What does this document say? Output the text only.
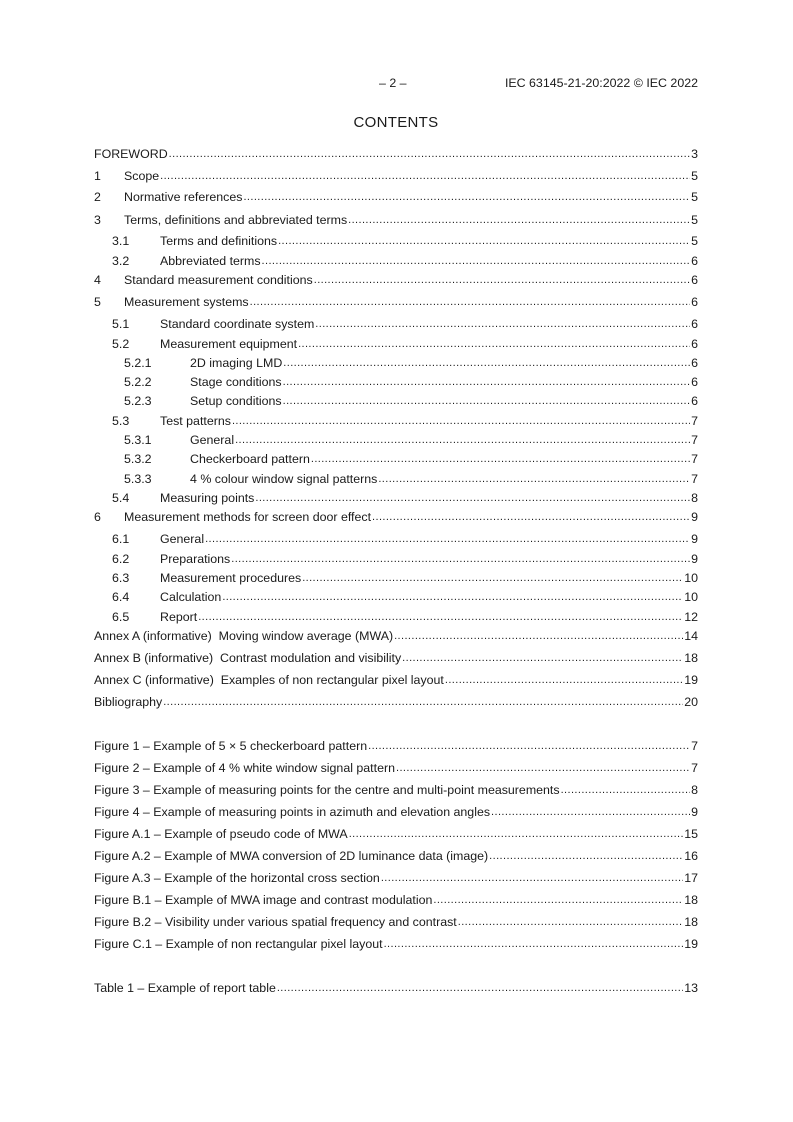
– 2 –	IEC 63145-21-20:2022 © IEC 2022
CONTENTS
FOREWORD .....	3
1	Scope .....	5
2	Normative references .....	5
3	Terms, definitions and abbreviated terms .....	5
3.1	Terms and definitions .....	5
3.2	Abbreviated terms .....	6
4	Standard measurement conditions .....	6
5	Measurement systems .....	6
5.1	Standard coordinate system .....	6
5.2	Measurement equipment .....	6
5.2.1	2D imaging LMD .....	6
5.2.2	Stage conditions .....	6
5.2.3	Setup conditions .....	6
5.3	Test patterns .....	7
5.3.1	General .....	7
5.3.2	Checkerboard pattern .....	7
5.3.3	4 % colour window signal patterns .....	7
5.4	Measuring points .....	8
6	Measurement methods for screen door effect .....	9
6.1	General .....	9
6.2	Preparations .....	9
6.3	Measurement procedures .....	10
6.4	Calculation .....	10
6.5	Report .....	12
Annex A (informative)  Moving window average (MWA) .....	14
Annex B (informative)  Contrast modulation and visibility .....	18
Annex C (informative)  Examples of non rectangular pixel layout .....	19
Bibliography .....	20
Figure 1 – Example of 5 × 5 checkerboard pattern .....	7
Figure 2 – Example of 4 % white window signal pattern .....	7
Figure 3 – Example of measuring points for the centre and multi-point measurements .....	8
Figure 4 – Example of measuring points in azimuth and elevation angles .....	9
Figure A.1 – Example of pseudo code of MWA .....	15
Figure A.2 – Example of MWA conversion of 2D luminance data (image) .....	16
Figure A.3 – Example of the horizontal cross section .....	17
Figure B.1 – Example of MWA image and contrast modulation .....	18
Figure B.2 – Visibility under various spatial frequency and contrast .....	18
Figure C.1 – Example of non rectangular pixel layout .....	19
Table 1 – Example of report table .....	13
